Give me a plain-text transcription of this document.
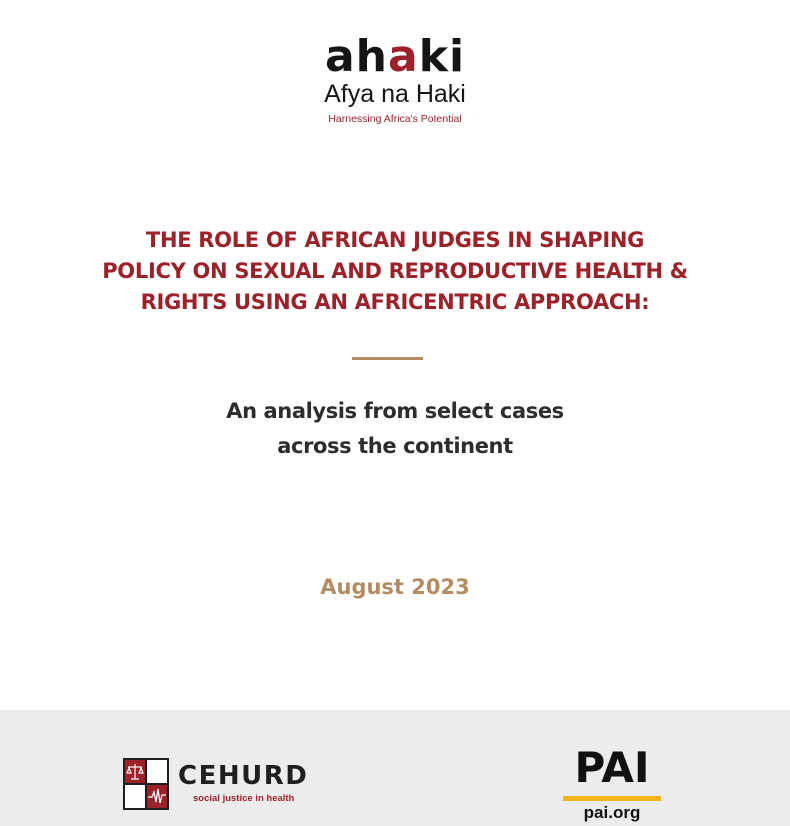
ahaki
Afya na Haki
Harnessing Africa's Potential
THE ROLE OF AFRICAN JUDGES IN SHAPING
POLICY ON SEXUAL AND REPRODUCTIVE HEALTH &
RIGHTS USING AN AFRICENTRIC APPROACH:
An analysis from select cases
across the continent
August 2023
CEHURD
social justice in health
PAI
pai.org
